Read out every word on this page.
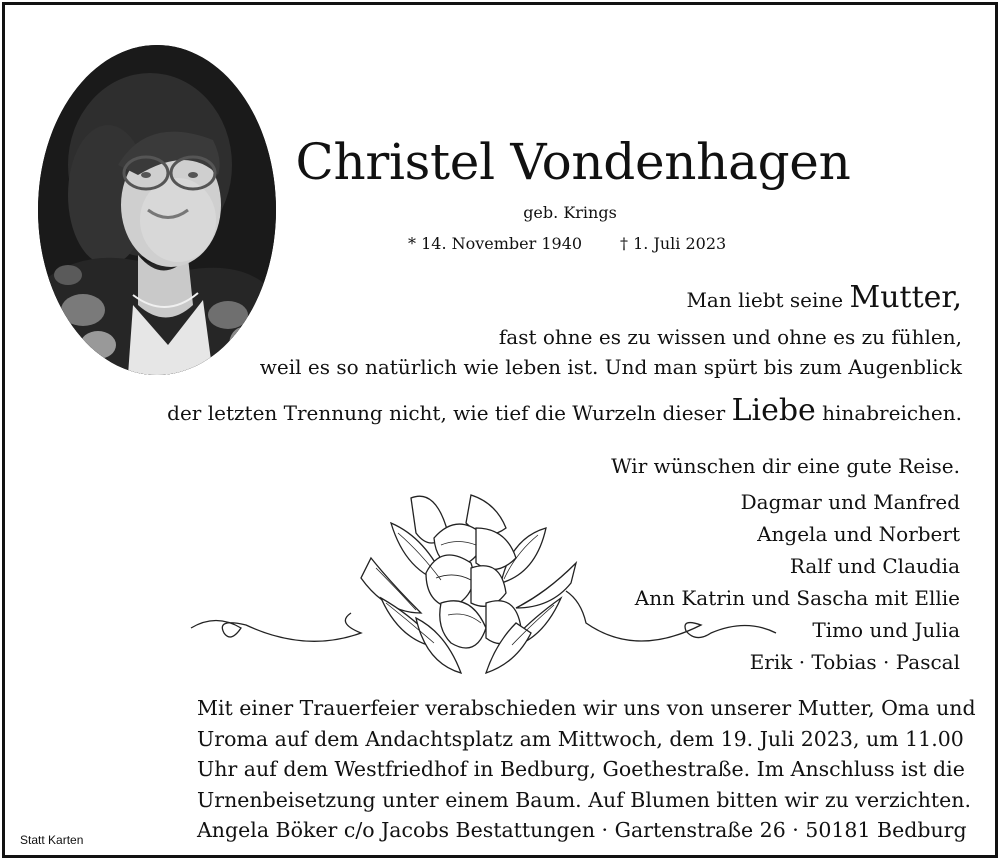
Christel Vondenhagen
geb. Krings
* 14. November 1940 † 1. Juli 2023
Man liebt seine Mutter,
fast ohne es zu wissen und ohne es zu fühlen,
weil es so natürlich wie leben ist. Und man spürt bis zum Augenblick
der letzten Trennung nicht, wie tief die Wurzeln dieser Liebe hinabreichen.
Wir wünschen dir eine gute Reise.
Dagmar und Manfred
Angela und Norbert
Ralf und Claudia
Ann Katrin und Sascha mit Ellie
Timo und Julia
Erik · Tobias · Pascal
Mit einer Trauerfeier verabschieden wir uns von unserer Mutter, Oma und
Uroma auf dem Andachtsplatz am Mittwoch, dem 19. Juli 2023, um 11.00
Uhr auf dem Westfriedhof in Bedburg, Goethestraße. Im Anschluss ist die
Urnenbeisetzung unter einem Baum. Auf Blumen bitten wir zu verzichten.
Angela Böker c/o Jacobs Bestattungen · Gartenstraße 26 · 50181 Bedburg
Statt Karten
